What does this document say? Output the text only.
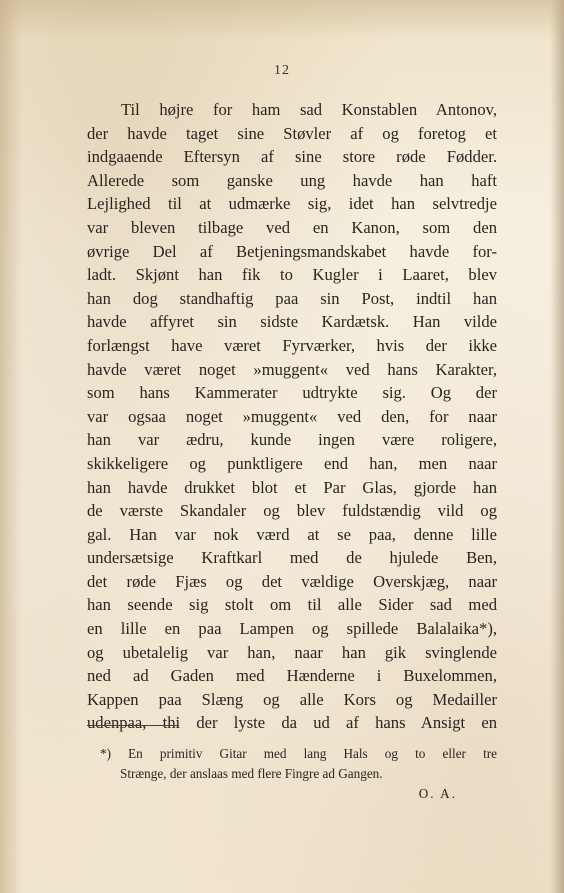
12
Til højre for ham sad Konstablen Antonov,
der havde taget sine Støvler af og foretog et
indgaaende Eftersyn af sine store røde Fødder.
Allerede som ganske ung havde han haft
Lejlighed til at udmærke sig, idet han selvtredje
var bleven tilbage ved en Kanon, som den
øvrige Del af Betjeningsmandskabet havde for-
ladt. Skjønt han fik to Kugler i Laaret, blev
han dog standhaftig paa sin Post, indtil han
havde affyret sin sidste Kardætsk. Han vilde
forlængst have været Fyrværker, hvis der ikke
havde været noget »muggent« ved hans Karakter,
som hans Kammerater udtrykte sig. Og der
var ogsaa noget »muggent« ved den, for naar
han var ædru, kunde ingen være roligere,
skikkeligere og punktligere end han, men naar
han havde drukket blot et Par Glas, gjorde han
de værste Skandaler og blev fuldstændig vild og
gal. Han var nok værd at se paa, denne lille
undersætsige Kraftkarl med de hjulede Ben,
det røde Fjæs og det vældige Overskjæg, naar
han seende sig stolt om til alle Sider sad med
en lille en paa Lampen og spillede Balalaika*),
og ubetalelig var han, naar han gik svinglende
ned ad Gaden med Hænderne i Buxelommen,
Kappen paa Slæng og alle Kors og Medailler
udenpaa, thi der lyste da ud af hans Ansigt en
*) En primitiv Gitar med lang Hals og to eller tre
Strænge, der anslaas med flere Fingre ad Gangen.
O. A.
